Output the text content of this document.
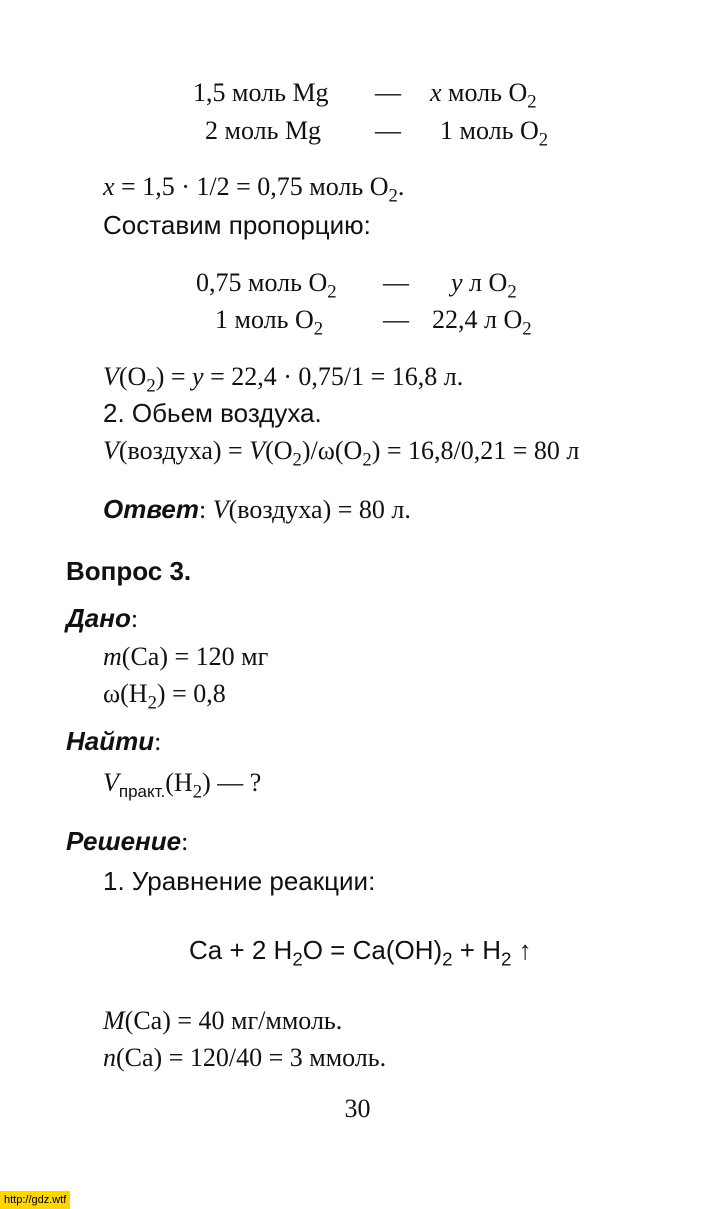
1,5 моль Mg — x моль $O_2$
2 моль Mg — 1 моль $O_2$
x = 1,5 · 1/2 = 0,75 моль $O_2$.
Составим пропорцию:
0,75 моль $O_2$ — y л $O_2$
1 моль $O_2$ — 22,4 л $O_2$
$V(O_2) = y = 22,4 \cdot 0,75/1 = 16,8$ л.
2. Обьем воздуха.
V(воздуха) = $V(O_2)/\omega(O_2) = 16,8/0,21 = 80$ л
Ответ: V(воздуха) = 80 л.
Вопрос 3.
Дано:
m(Ca) = 120 мг
$\omega(H_2) = 0,8$
Найти:
$V_{практ.}(H_2)$ — ?
Решение:
1. Уравнение реакции:
Ca + 2 $H_2O = Ca(OH)_2 + H_2$ ↑
M(Ca) = 40 мг/ммоль.
n(Ca) = 120/40 = 3 ммоль.
30
http://gdz.wtf
